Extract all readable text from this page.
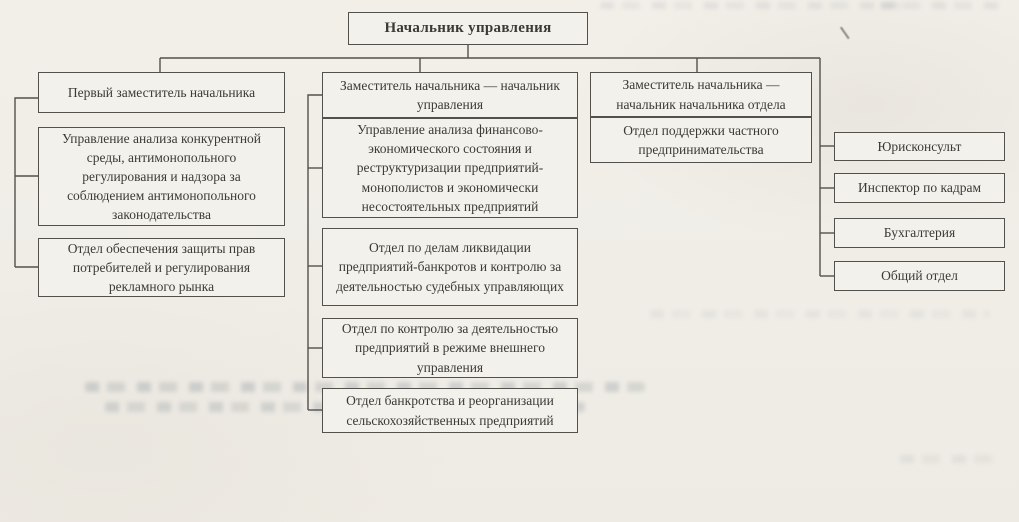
Начальник управления
Первый заместитель начальника
Управление анализа конкурентной среды, антимонопольного регулирования и надзора за соблюдением антимонопольного законодательства
Отдел обеспечения защиты прав потребителей и регулирования рекламного рынка
Заместитель начальника — начальник управления
Управление анализа финансово-экономического состояния и реструктуризации предприятий-монополистов и экономически несостоятельных предприятий
Отдел по делам ликвидации предприятий-банкротов и контролю за деятельностью судебных управляющих
Отдел по контролю за деятельностью предприятий в режиме внешнего управления
Отдел банкротства и реорганизации сельскохозяйственных предприятий
Заместитель начальника — начальник начальника отдела
Отдел поддержки частного предпринимательства	Юрисконсульт
Инспектор по кадрам
Бухгалтерия
Общий отдел
